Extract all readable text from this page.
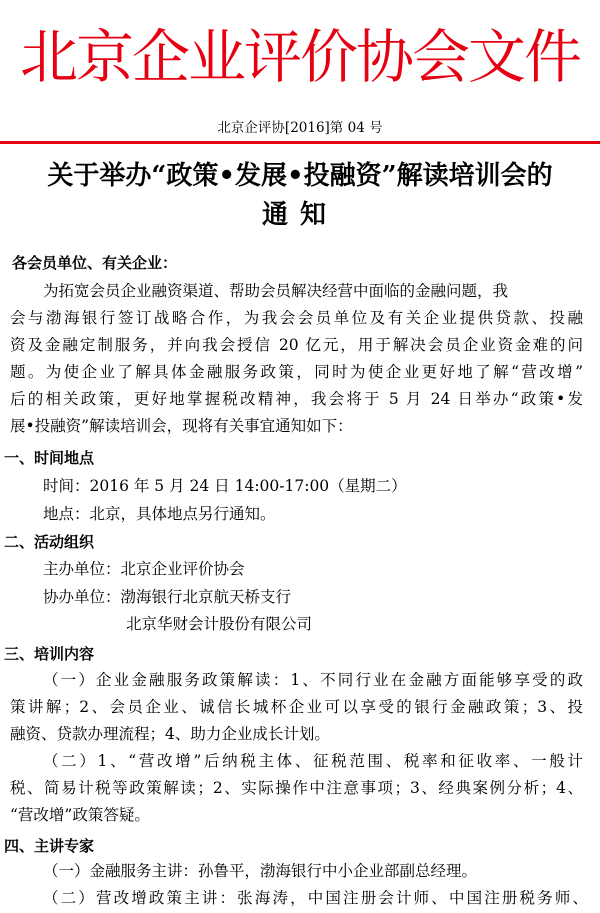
北京企业评价协会文件
北京企评协[2016]第 04 号
关于举办“政策•发展•投融资”解读培训会的
通知
各会员单位、有关企业：
为拓宽会员企业融资渠道、帮助会员解决经营中面临的金融问题，我
会与渤海银行签订战略合作，为我会会员单位及有关企业提供贷款、投融
资及金融定制服务，并向我会授信 20 亿元，用于解决会员企业资金难的问
题。为使企业了解具体金融服务政策，同时为使企业更好地了解“营改增”
后的相关政策，更好地掌握税改精神，我会将于 5 月 24 日举办“政策•发
展•投融资”解读培训会，现将有关事宜通知如下：
一、时间地点
时间：2016 年 5 月 24 日 14:00-17:00（星期二）
地点：北京，具体地点另行通知。
二、活动组织
主办单位：北京企业评价协会
协办单位：渤海银行北京航天桥支行
北京华财会计股份有限公司
三、培训内容
（一）企业金融服务政策解读：1、不同行业在金融方面能够享受的政
策讲解；2、会员企业、诚信长城杯企业可以享受的银行金融政策；3、投
融资、贷款办理流程；4、助力企业成长计划。
（二）1、“营改增”后纳税主体、征税范围、税率和征收率、一般计
税、简易计税等政策解读；2、实际操作中注意事项；3、经典案例分析；4、
“营改增”政策答疑。
四、主讲专家
（一）金融服务主讲：孙鲁平，渤海银行中小企业部副总经理。
（二）营改增政策主讲：张海涛，中国注册会计师、中国注册税务师、
